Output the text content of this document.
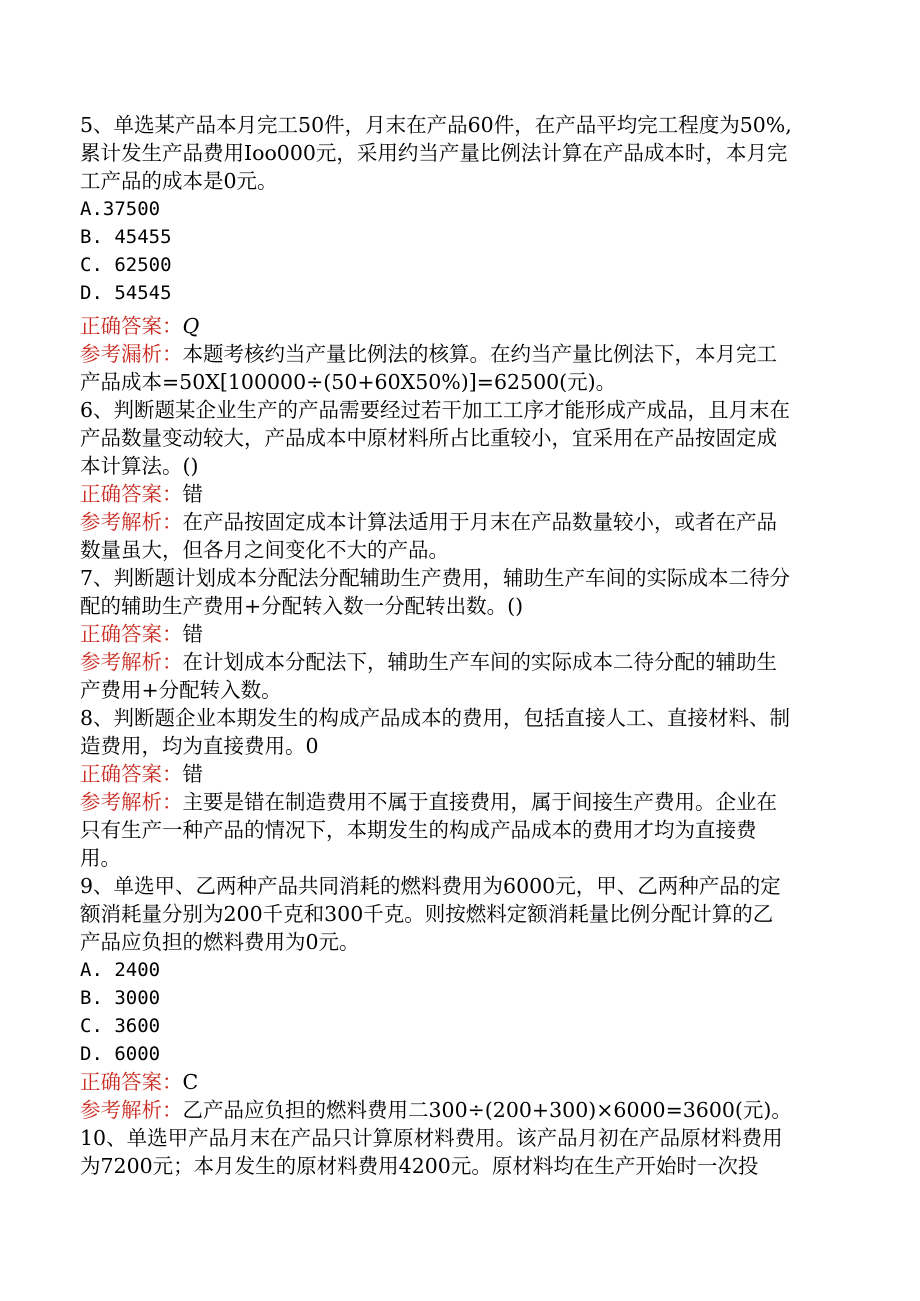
5、单选某产品本月完工50件，月末在产品60件，在产品平均完工程度为50%,
累计发生产品费用Ioo000元，采用约当产量比例法计算在产品成本时，本月完
工产品的成本是0元。
A.37500
B. 45455
C. 62500
D. 54545
正确答案：Q
参考漏析：本题考核约当产量比例法的核算。在约当产量比例法下，本月完工
产品成本=50X[100000÷(50+60X50%)]=62500(元)。
6、判断题某企业生产的产品需要经过若干加工工序才能形成产成品，且月末在
产品数量变动较大，产品成本中原材料所占比重较小，宜采用在产品按固定成
本计算法。()
正确答案：错
参考解析：在产品按固定成本计算法适用于月末在产品数量较小，或者在产品
数量虽大，但各月之间变化不大的产品。
7、判断题计划成本分配法分配辅助生产费用，辅助生产车间的实际成本二待分
配的辅助生产费用+分配转入数一分配转出数。()
正确答案：错
参考解析：在计划成本分配法下，辅助生产车间的实际成本二待分配的辅助生
产费用+分配转入数。
8、判断题企业本期发生的构成产品成本的费用，包括直接人工、直接材料、制
造费用，均为直接费用。0
正确答案：错
参考解析：主要是错在制造费用不属于直接费用，属于间接生产费用。企业在
只有生产一种产品的情况下，本期发生的构成产品成本的费用才均为直接费
用。
9、单选甲、乙两种产品共同消耗的燃料费用为6000元，甲、乙两种产品的定
额消耗量分别为200千克和300千克。则按燃料定额消耗量比例分配计算的乙
产品应负担的燃料费用为0元。
A. 2400
B. 3000
C. 3600
D. 6000
正确答案：C
参考解析：乙产品应负担的燃料费用二300÷(200+300)×6000=3600(元)。
10、单选甲产品月末在产品只计算原材料费用。该产品月初在产品原材料费用
为7200元；本月发生的原材料费用4200元。原材料均在生产开始时一次投
